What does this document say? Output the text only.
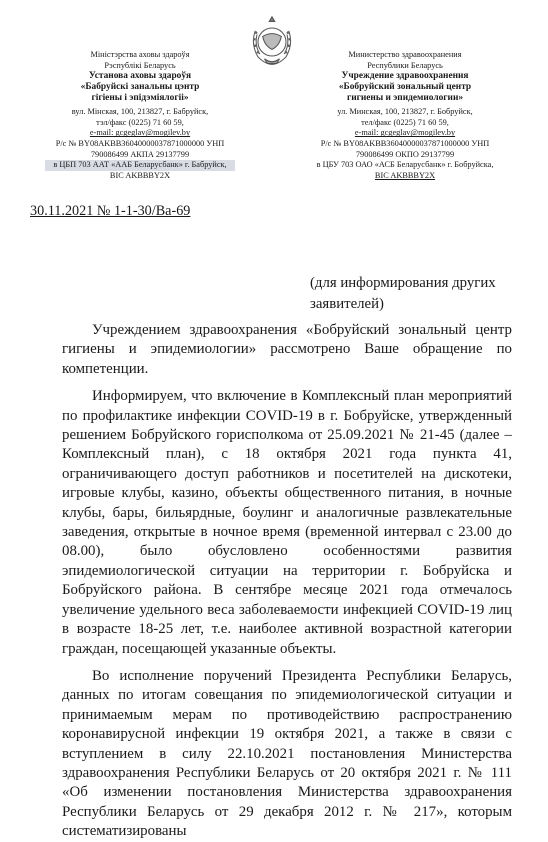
Міністэрства аховы здароўя
Рэспублікі Беларусь
Установа аховы здароўя
«Бабруйскі занальны цэнтр
гігіены і эпідэміялогіі»
вул. Мінская, 100, 213827, г. Бабруйск,
тэл/факс (0225) 71 60 59,
e-mail: gcgeglav@mogilev.by
Р/с № BY08AKBB36040000037871000000 УНП
790086499 АКПА 29137799
в ЦБП 703 ААТ «ААБ Беларусбанк» г. Бабруйск,
BIC AKBBBY2X
Министерство здравоохранения
Республики Беларусь
Учреждение здравоохранения
«Бобруйский зональный центр
гигиены и эпидемиологии»
ул. Минская, 100, 213827, г. Бобруйск,
тел/факс (0225) 71 60 59,
e-mail: gcgeglav@mogilev.by
Р/с № BY08AKBB36040000037871000000 УНП
790086499 ОКПО 29137799
в ЦБУ 703 ОАО «АСБ Беларусбанк» г. Бобруйска,
BIC AKBBBY2X
30.11.2021 № 1-1-30/Ва-69
(для информирования других
заявителей)

Учреждением здравоохранения «Бобруйский зональный центр гигиены и эпидемиологии» рассмотрено Ваше обращение по компетенции.

Информируем, что включение в Комплексный план мероприятий по профилактике инфекции COVID-19 в г. Бобруйске, утвержденный решением Бобруйского горисполкома от 25.09.2021 № 21-45 (далее – Комплексный план), с 18 октября 2021 года пункта 41, ограничивающего доступ работников и посетителей на дискотеки, игровые клубы, казино, объекты общественного питания, в ночные клубы, бары, бильярдные, боулинг и аналогичные развлекательные заведения, открытые в ночное время (временной интервал с 23.00 до 08.00), было обусловлено особенностями развития эпидемиологической ситуации на территории г. Бобруйска и Бобруйского района. В сентябре месяце 2021 года отмечалось увеличение удельного веса заболеваемости инфекцией COVID-19 лиц в возрасте 18-25 лет, т.е. наиболее активной возрастной категории граждан, посещающей указанные объекты.

Во исполнение поручений Президента Республики Беларусь, данных по итогам совещания по эпидемиологической ситуации и принимаемым мерам по противодействию распространению коронавирусной инфекции 19 октября 2021, а также в связи с вступлением в силу 22.10.2021 постановления Министерства здравоохранения Республики Беларусь от 20 октября 2021 г. № 111 «Об изменении постановления Министерства здравоохранения Республики Беларусь от 29 декабря 2012 г. № 217», которым систематизированы
